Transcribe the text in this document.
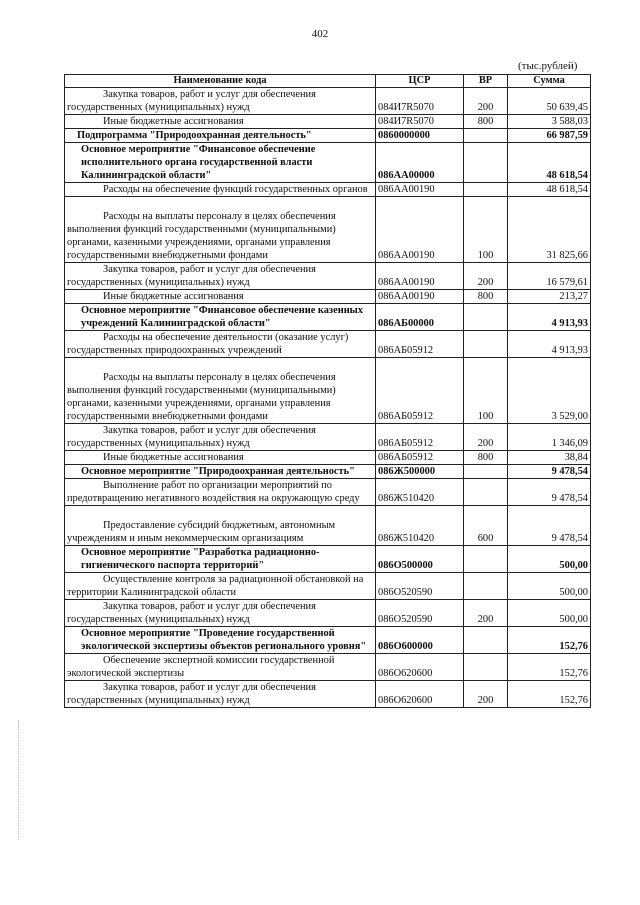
402
(тыс.рублей)
Наименование кода	ЦСР	ВР	Сумма
Закупка товаров, работ и услуг для обеспечения государственных (муниципальных) нужд	084И7R5070	200	50 639,45
Иные бюджетные ассигнования	084И7R5070	800	3 588,03
Подпрограмма "Природоохранная деятельность"	0860000000		66 987,59
Основное мероприятие "Финансовое обеспечение исполнительного органа государственной власти Калининградской области"	086АА00000		48 618,54
Расходы на обеспечение функций государственных органов	086АА00190		48 618,54
Расходы на выплаты персоналу в целях обеспечения выполнения функций государственными (муниципальными) органами, казенными учреждениями, органами управления государственными внебюджетными фондами	086АА00190	100	31 825,66
Закупка товаров, работ и услуг для обеспечения государственных (муниципальных) нужд	086АА00190	200	16 579,61
Иные бюджетные ассигнования	086АА00190	800	213,27
Основное мероприятие "Финансовое обеспечение казенных учреждений Калининградской области"	086АБ00000		4 913,93
Расходы на обеспечение деятельности (оказание услуг) государственных природоохранных учреждений	086АБ05912		4 913,93
Расходы на выплаты персоналу в целях обеспечения выполнения функций государственными (муниципальными) органами, казенными учреждениями, органами управления государственными внебюджетными фондами	086АБ05912	100	3 529,00
Закупка товаров, работ и услуг для обеспечения государственных (муниципальных) нужд	086АБ05912	200	1 346,09
Иные бюджетные ассигнования	086АБ05912	800	38,84
Основное мероприятие "Природоохранная деятельность"	086Ж500000		9 478,54
Выполнение работ по организации мероприятий по предотвращению негативного воздействия на окружающую среду	086Ж510420		9 478,54
Предоставление субсидий бюджетным, автономным учреждениям и иным некоммерческим организациям	086Ж510420	600	9 478,54
Основное мероприятие "Разработка радиационно-гигиенического паспорта территорий"	086О500000		500,00
Осуществление контроля за радиационной обстановкой на территории Калининградской области	086О520590		500,00
Закупка товаров, работ и услуг для обеспечения государственных (муниципальных) нужд	086О520590	200	500,00
Основное мероприятие "Проведение государственной экологической экспертизы объектов регионального уровня"	086О600000		152,76
Обеспечение экспертной комиссии государственной экологической экспертизы	086О620600		152,76
Закупка товаров, работ и услуг для обеспечения государственных (муниципальных) нужд	086О620600	200	152,76
